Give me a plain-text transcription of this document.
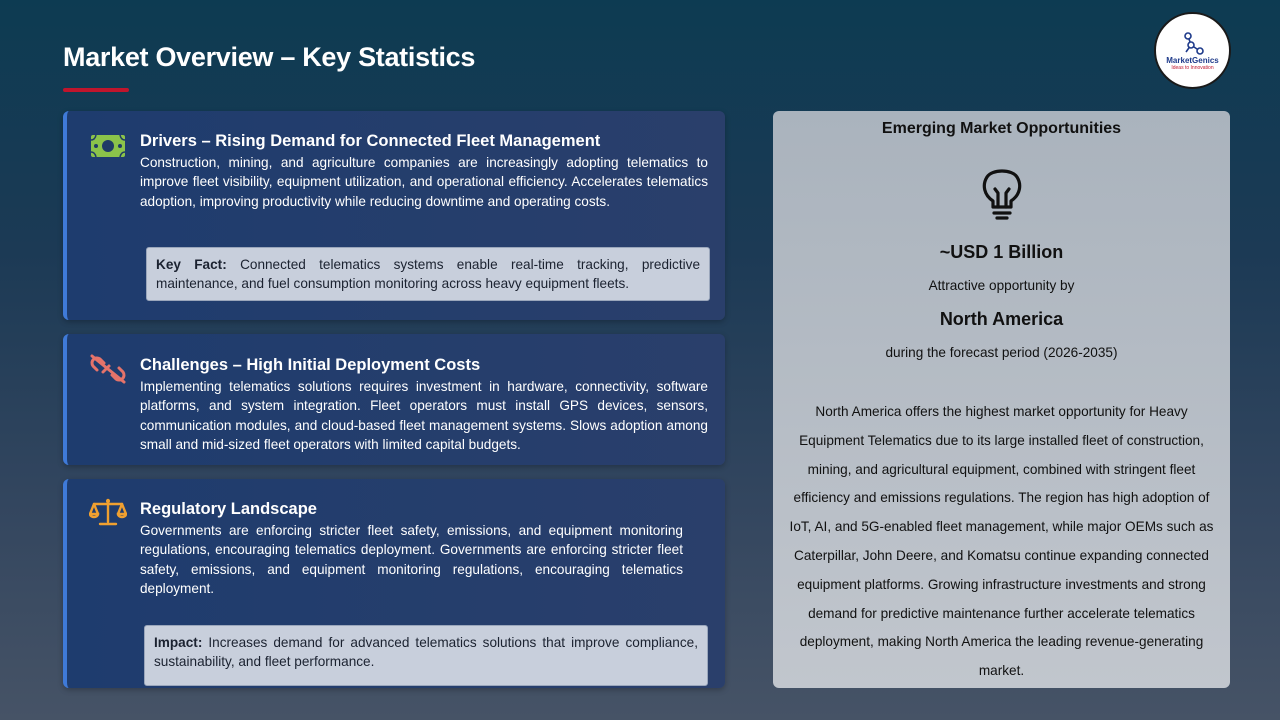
Market Overview – Key Statistics	MarketGenics
Ideas to Innovation
Drivers – Rising Demand for Connected Fleet Management
Construction, mining, and agriculture companies are increasingly adopting telematics to improve fleet visibility, equipment utilization, and operational efficiency. Accelerates telematics adoption, improving productivity while reducing downtime and operating costs.
Key Fact: Connected telematics systems enable real-time tracking, predictive maintenance, and fuel consumption monitoring across heavy equipment fleets.
Challenges – High Initial Deployment Costs
Implementing telematics solutions requires investment in hardware, connectivity, software platforms, and system integration. Fleet operators must install GPS devices, sensors, communication modules, and cloud-based fleet management systems. Slows adoption among small and mid-sized fleet operators with limited capital budgets.
Regulatory Landscape
Governments are enforcing stricter fleet safety, emissions, and equipment monitoring regulations, encouraging telematics deployment. Governments are enforcing stricter fleet safety, emissions, and equipment monitoring regulations, encouraging telematics deployment.
Impact: Increases demand for advanced telematics solutions that improve compliance, sustainability, and fleet performance.
Emerging Market Opportunities
~USD 1 Billion
Attractive opportunity by
North America
during the forecast period (2026-2035)
North America offers the highest market opportunity for Heavy Equipment Telematics due to its large installed fleet of construction, mining, and agricultural equipment, combined with stringent fleet efficiency and emissions regulations. The region has high adoption of IoT, AI, and 5G-enabled fleet management, while major OEMs such as Caterpillar, John Deere, and Komatsu continue expanding connected equipment platforms. Growing infrastructure investments and strong demand for predictive maintenance further accelerate telematics deployment, making North America the leading revenue-generating market.
